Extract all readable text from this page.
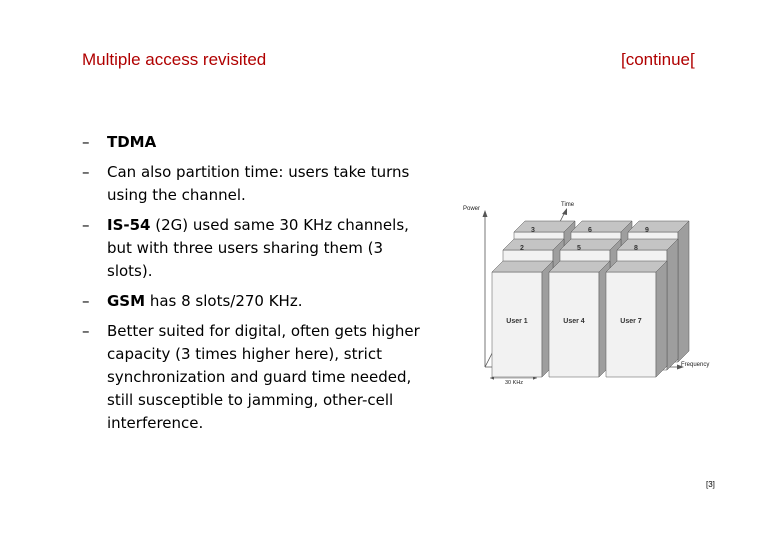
Multiple access revisited	[continue[
– TDMA
– Can also partition time: users take turns using the channel.
– IS-54 (2G) used same 30 KHz channels, but with three users sharing them (3 slots).
– GSM has 8 slots/270 KHz.
– Better suited for digital, often gets higher capacity (3 times higher here), strict synchronization and guard time needed, still susceptible to jamming, other-cell interference.
Power
Time
Frequency
30 KHz
3	6	9
2	5	8
User 1	User 4	User 7
[3]
